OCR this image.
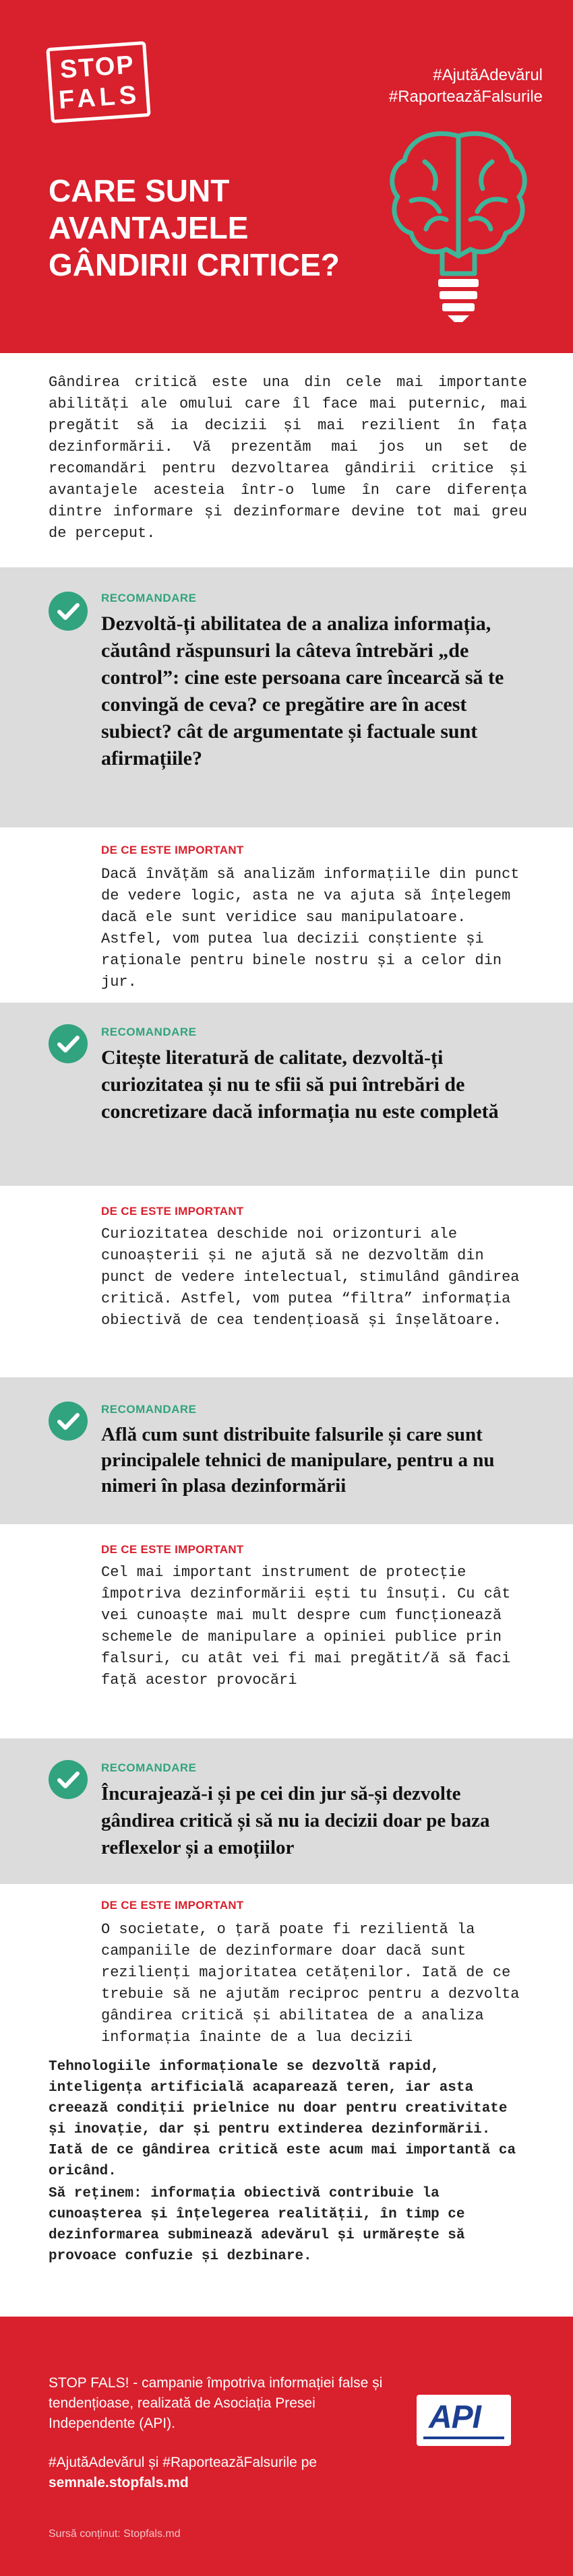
STOP
FALS
#AjutăAdevărul
#RaporteazăFalsurile
CARE SUNT
AVANTAJELE
GÂNDIRII CRITICE?
Gândirea critică este una din cele mai importante abilități ale omului care îl face mai puternic, mai pregătit să ia decizii și mai rezilient în fața dezinformării. Vă prezentăm mai jos un set de recomandări pentru dezvoltarea gândirii critice și avantajele acesteia într-o lume în care diferența dintre informare și dezinformare devine tot mai greu de perceput.
RECOMANDARE
Dezvoltă-ți abilitatea de a analiza informația, căutând răspunsuri la câteva întrebări „de control”: cine este persoana care încearcă să te convingă de ceva? ce pregătire are în acest subiect? cât de argumentate și factuale sunt afirmațiile?
DE CE ESTE IMPORTANT
Dacă învățăm să analizăm informațiile din punct de vedere logic, asta ne va ajuta să înțelegem dacă ele sunt veridice sau manipulatoare. Astfel, vom putea lua decizii conștiente și raționale pentru binele nostru și a celor din jur.
RECOMANDARE
Citește literatură de calitate, dezvoltă-ți curiozitatea și nu te sfii să pui întrebări de concretizare dacă informația nu este completă
DE CE ESTE IMPORTANT
Curiozitatea deschide noi orizonturi ale cunoașterii și ne ajută să ne dezvoltăm din punct de vedere intelectual, stimulând gândirea critică. Astfel, vom putea “filtra” informația obiectivă de cea tendențioasă și înșelătoare.
RECOMANDARE
Află cum sunt distribuite falsurile și care sunt principalele tehnici de manipulare, pentru a nu nimeri în plasa dezinformării
DE CE ESTE IMPORTANT
Cel mai important instrument de protecție împotriva dezinformării ești tu însuți. Cu cât vei cunoaște mai mult despre cum funcționează schemele de manipulare a opiniei publice prin falsuri, cu atât vei fi mai pregătit/ă să faci față acestor provocări
RECOMANDARE
Încurajează-i și pe cei din jur să-și dezvolte gândirea critică și să nu ia decizii doar pe baza reflexelor și a emoțiilor
DE CE ESTE IMPORTANT
O societate, o țară poate fi rezilientă la campaniile de dezinformare doar dacă sunt rezilienți majoritatea cetățenilor. Iată de ce trebuie să ne ajutăm reciproc pentru a dezvolta gândirea critică și abilitatea de a analiza informația înainte de a lua decizii
Tehnologiile informaționale se dezvoltă rapid, inteligența artificială acaparează teren, iar asta creează condiții prielnice nu doar pentru creativitate și inovație, dar și pentru extinderea dezinformării. Iată de ce gândirea critică este acum mai importantă ca oricând.
Să reținem: informația obiectivă contribuie la cunoașterea și înțelegerea realității, în timp ce dezinformarea subminează adevărul și urmărește să provoace confuzie și dezbinare.
STOP FALS! - campanie împotriva informației false și tendențioase, realizată de Asociația Presei Independente (API).
#AjutăAdevărul și #RaporteazăFalsurile pe
semnale.stopfals.md
Sursă conținut: Stopfals.md
API
